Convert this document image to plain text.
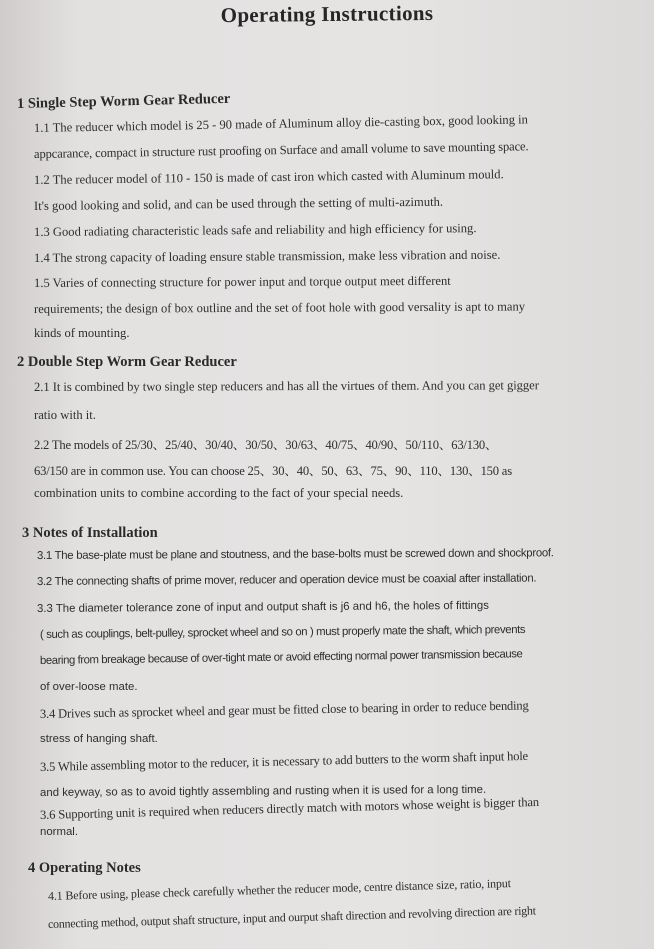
Operating Instructions
1 Single Step Worm Gear Reducer
1.1 The reducer which model is 25 - 90 made of Aluminum alloy die-casting box, good looking in
appcarance, compact in structure rust proofing on Surface and amall volume to save mounting space.
1.2 The reducer model of 110 - 150 is made of cast iron which casted with Aluminum mould.
It's good looking and solid, and can be used through the setting of multi-azimuth.
1.3 Good radiating characteristic leads safe and reliability and high efficiency for using.
1.4 The strong capacity of loading ensure stable transmission, make less vibration and noise.
1.5 Varies of connecting structure for power input and torque output meet different
requirements; the design of box outline and the set of foot hole with good versality is apt to many
kinds of mounting.
2 Double Step Worm Gear Reducer
2.1 It is combined by two single step reducers and has all the virtues of them. And you can get gigger
ratio with it.
2.2 The models of 25/30、25/40、30/40、30/50、30/63、40/75、40/90、50/110、63/130、
63/150 are in common use. You can choose 25、30、40、50、63、75、90、110、130、150 as
combination units to combine according to the fact of your special needs.
3 Notes of Installation
3.1 The base-plate must be plane and stoutness, and the base-bolts must be screwed down and shockproof.
3.2 The connecting shafts of prime mover, reducer and operation device must be coaxial after installation.
3.3 The diameter tolerance zone of input and output shaft is j6 and h6, the holes of fittings
( such as couplings, belt-pulley, sprocket wheel and so on ) must properly mate the shaft, which prevents
bearing from breakage because of over-tight mate or avoid effecting normal power transmission because
of over-loose mate.
3.4 Drives such as sprocket wheel and gear must be fitted close to bearing in order to reduce bending
stress of hanging shaft.
3.5 While assembling motor to the reducer, it is necessary to add butters to the worm shaft input hole
and keyway, so as to avoid tightly assembling and rusting when it is used for a long time.
3.6 Supporting unit is required when reducers directly match with motors whose weight is bigger than
normal.
4 Operating Notes
4.1 Before using, please check carefully whether the reducer mode, centre distance size, ratio, input
connecting method, output shaft structure, input and ourput shaft direction and revolving direction are right
